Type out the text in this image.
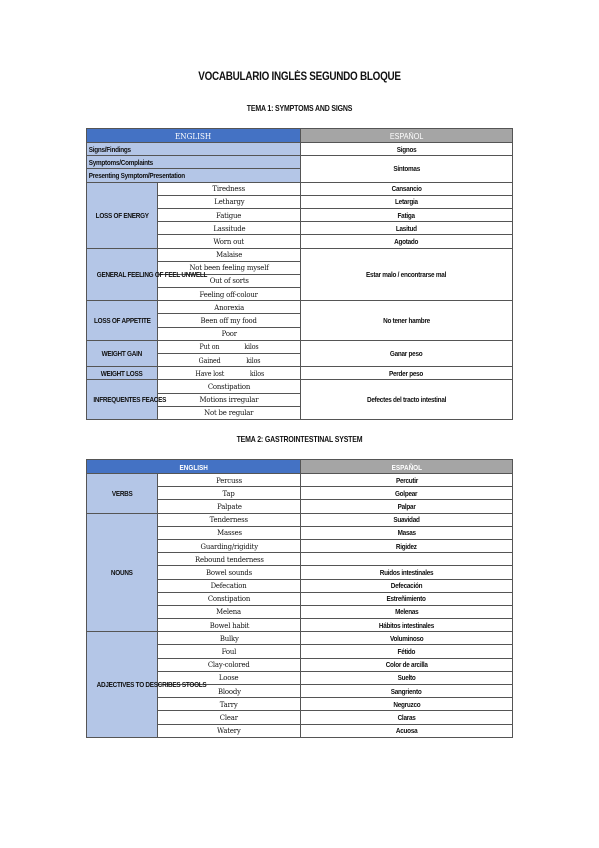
VOCABULARIO INGLÉS SEGUNDO BLOQUE
TEMA 1: SYMPTOMS AND SIGNS
ENGLISH		ESPAÑOL
Signs/Findings		Signos
Symptoms/Complaints		Síntomas
Presenting Symptom/Presentation		
LOSS OF ENERGY	Tiredness	Cansancio
	Lethargy	Letargia
	Fatigue	Fatiga
	Lassitude	Lasitud
	Worn out	Agotado
GENERAL FEELING OF FEEL UNWELL	Malaise	Estar malo / encontrarse mal
	Not been feeling myself	
	Out of sorts	
	Feeling off-colour	
LOSS OF APPETITE	Anorexia	No tener hambre
	Been off my food	
	Poor	
WEIGHT GAIN	Put on kilos	Ganar peso
	Gained kilos	
WEIGHT LOSS	Have lost kilos	Perder peso
INFREQUENTES FEACES	Constipation	Defectes del tracto intestinal
	Motions irregular	
	Not be regular	
TEMA 2: GASTROINTESTINAL SYSTEM
ENGLISH		ESPAÑOL
VERBS	Percuss	Percutir
	Tap	Golpear
	Palpate	Palpar
NOUNS	Tenderness	Suavidad
	Masses	Masas
	Guarding/rigidity	Rigidez
	Rebound tenderness	
	Bowel sounds	Ruidos intestinales
	Defecation	Defecación
	Constipation	Estreñimiento
	Melena	Melenas
	Bowel habit	Hábitos intestinales
ADJECTIVES TO DESCRIBES STOOLS	Bulky	Voluminoso
	Foul	Fétido
	Clay-colored	Color de arcilla
	Loose	Suelto
	Bloody	Sangriento
	Tarry	Negruzco
	Clear	Claras
	Watery	Acuosa
